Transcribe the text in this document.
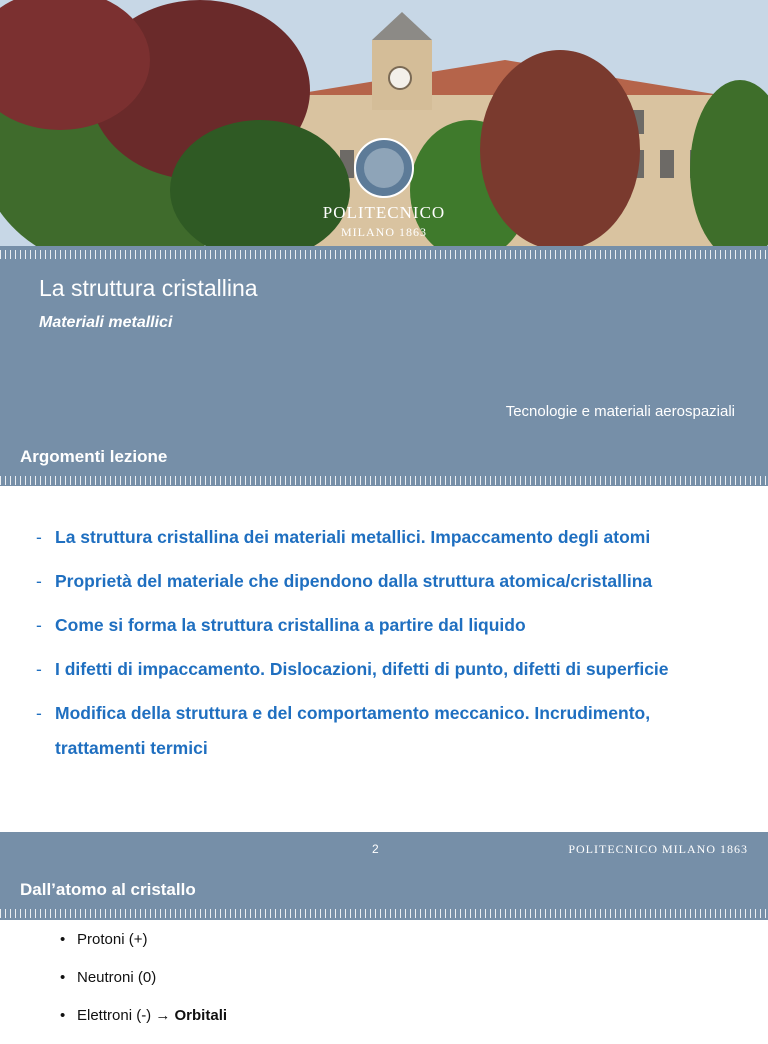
POLITECNICO
MILANO 1863
La struttura cristallina
Materiali metallici
Tecnologie e materiali aerospaziali
Argomenti lezione
- La struttura cristallina dei materiali metallici. Impaccamento degli atomi
- Proprietà del materiale che dipendono dalla struttura atomica/cristallina
- Come si forma la struttura cristallina a partire dal liquido
- I difetti di impaccamento. Dislocazioni, difetti di punto, difetti di superficie
- Modifica della struttura e del comportamento meccanico. Incrudimento, trattamenti termici
2	POLITECNICO MILANO 1863
Dall’atomo al cristallo
• Protoni (+)
• Neutroni (0)
• Elettroni (-) → Orbitali
